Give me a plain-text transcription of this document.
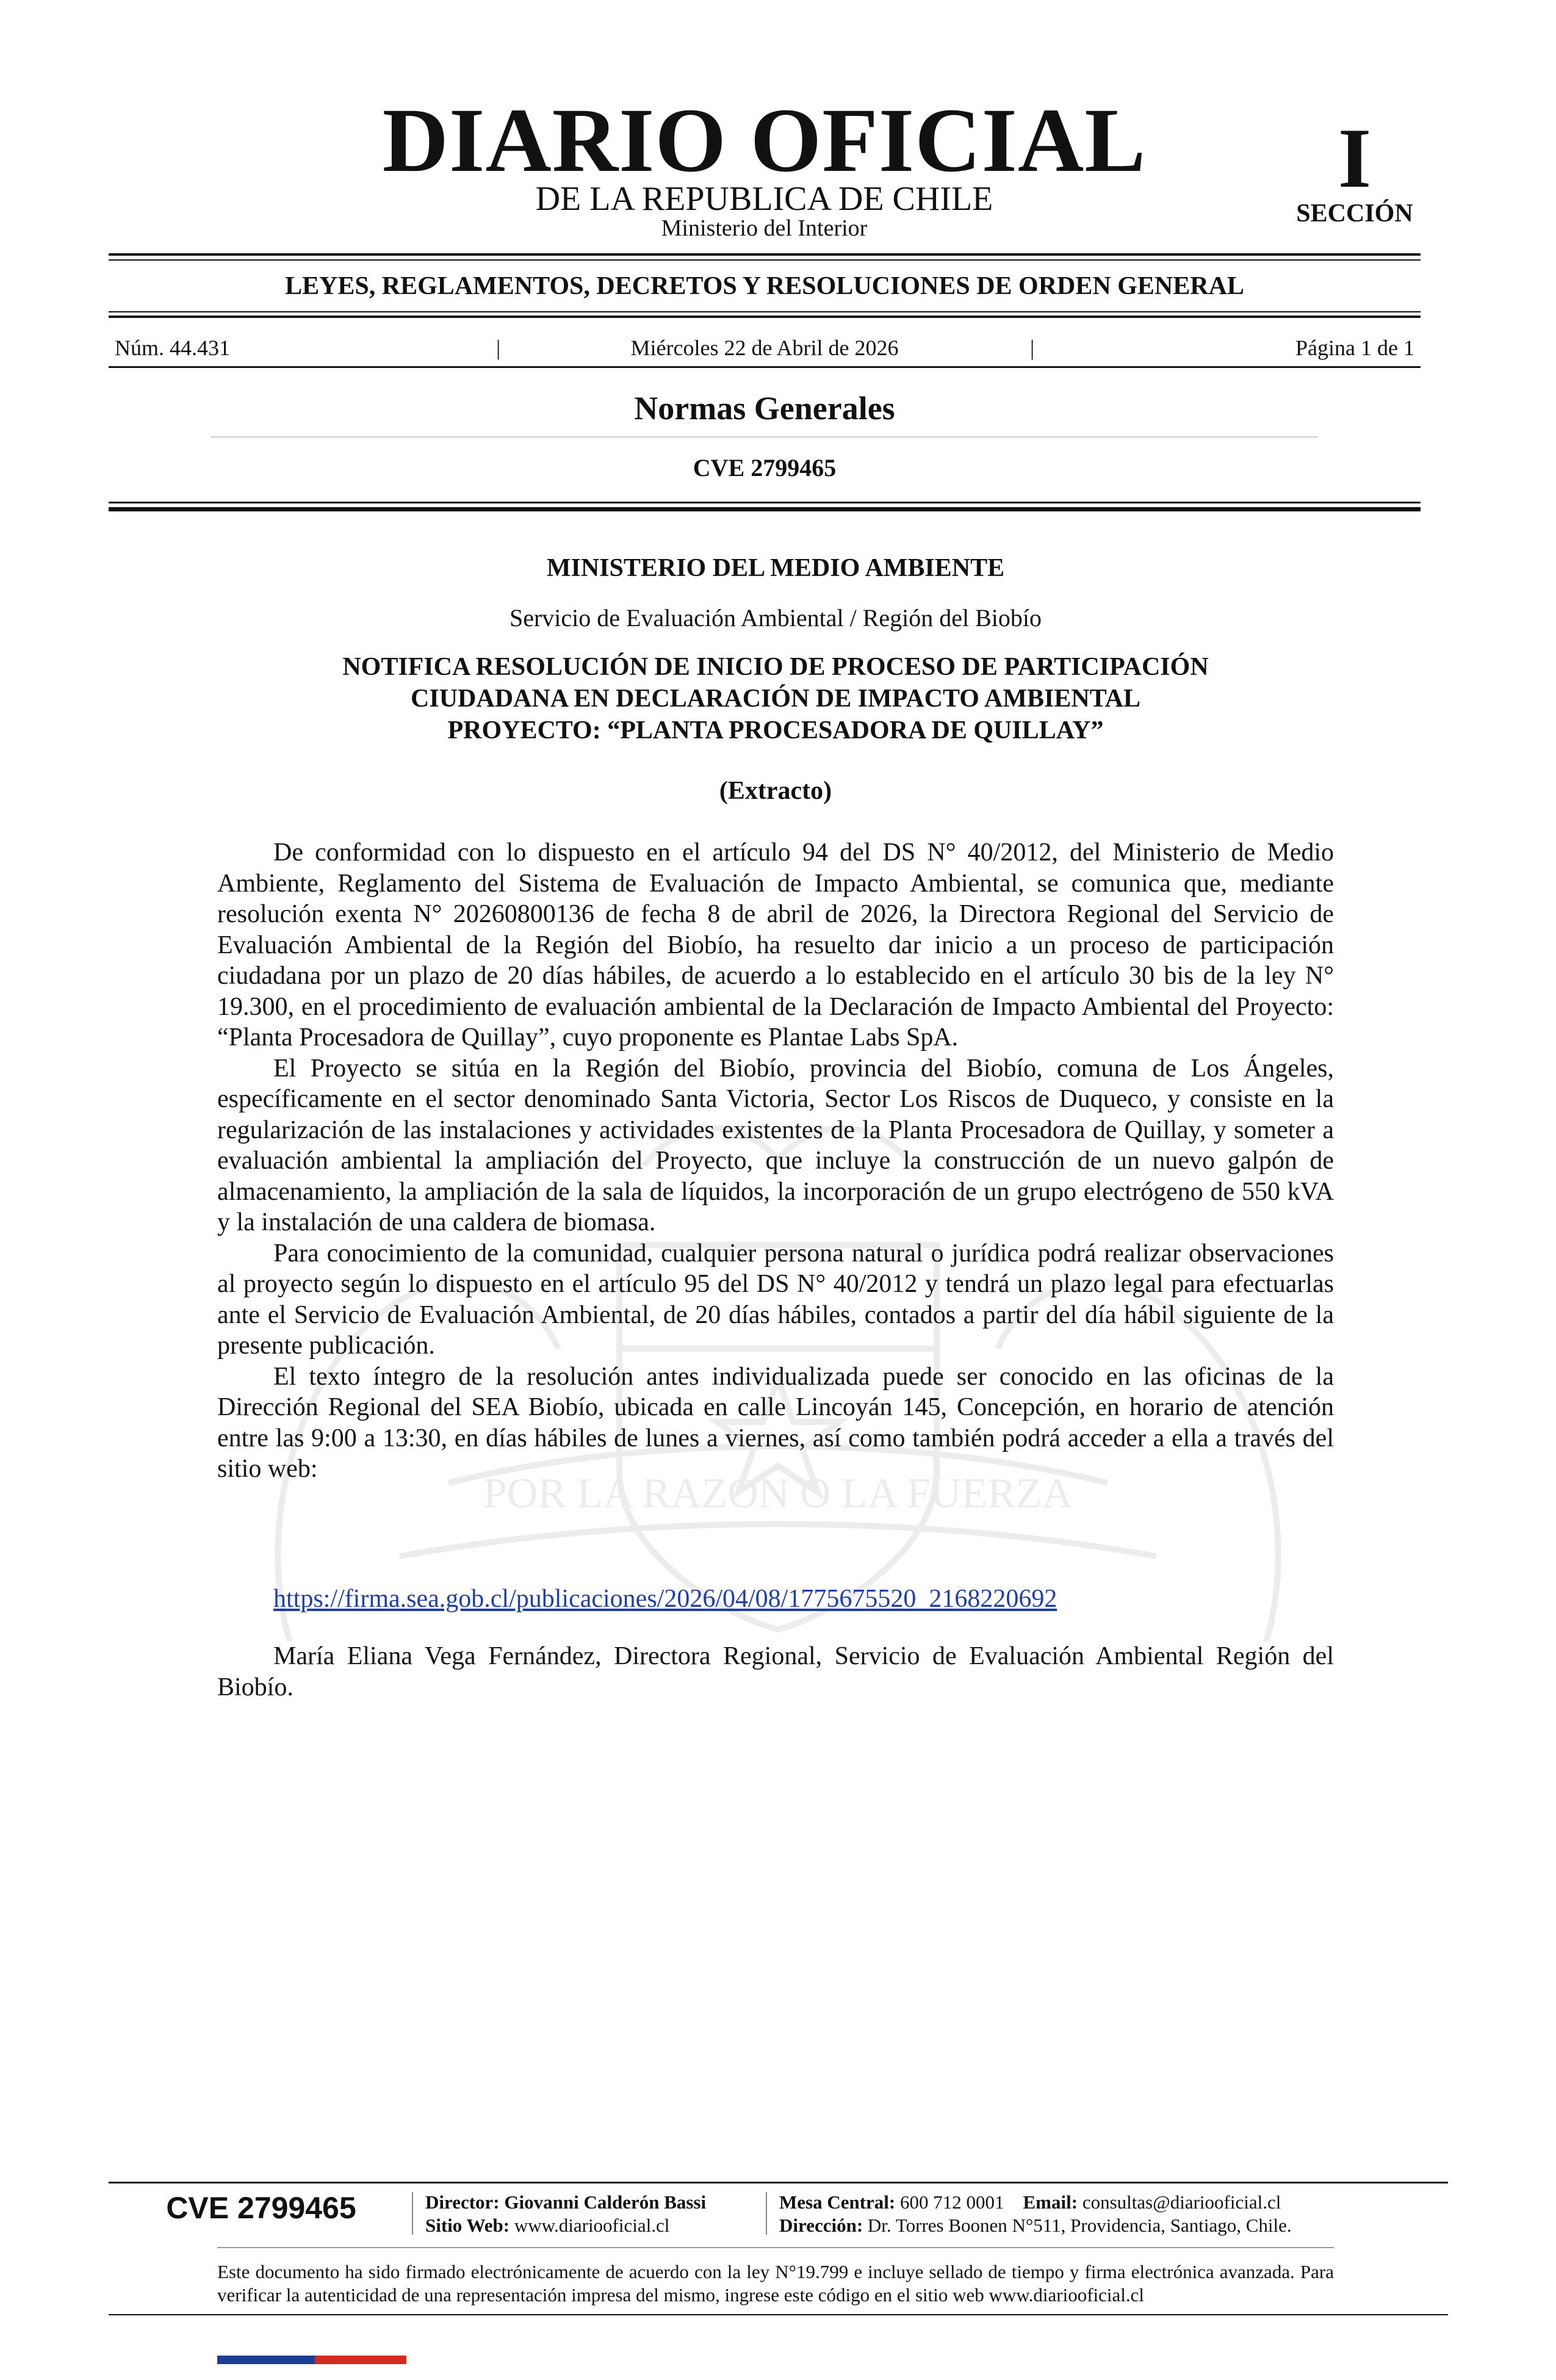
POR LA RAZÓN O LA FUERZA
DIARIO OFICIAL
DE LA REPUBLICA DE CHILE
Ministerio del Interior
I
SECCIÓN
LEYES, REGLAMENTOS, DECRETOS Y RESOLUCIONES DE ORDEN GENERAL
Núm. 44.431	|	Miércoles 22 de Abril de 2026	|	Página 1 de 1
Normas Generales
CVE 2799465
MINISTERIO DEL MEDIO AMBIENTE
Servicio de Evaluación Ambiental / Región del Biobío
NOTIFICA RESOLUCIÓN DE INICIO DE PROCESO DE PARTICIPACIÓN
CIUDADANA EN DECLARACIÓN DE IMPACTO AMBIENTAL
PROYECTO: “PLANTA PROCESADORA DE QUILLAY”
(Extracto)

De conformidad con lo dispuesto en el artículo 94 del DS N° 40/2012, del Ministerio de Medio Ambiente, Reglamento del Sistema de Evaluación de Impacto Ambiental, se comunica que, mediante resolución exenta N° 20260800136 de fecha 8 de abril de 2026, la Directora Regional del Servicio de Evaluación Ambiental de la Región del Biobío, ha resuelto dar inicio a un proceso de participación ciudadana por un plazo de 20 días hábiles, de acuerdo a lo establecido en el artículo 30 bis de la ley N° 19.300, en el procedimiento de evaluación ambiental de la Declaración de Impacto Ambiental del Proyecto: “Planta Procesadora de Quillay”, cuyo proponente es Plantae Labs SpA.

El Proyecto se sitúa en la Región del Biobío, provincia del Biobío, comuna de Los Ángeles, específicamente en el sector denominado Santa Victoria, Sector Los Riscos de Duqueco, y consiste en la regularización de las instalaciones y actividades existentes de la Planta Procesadora de Quillay, y someter a evaluación ambiental la ampliación del Proyecto, que incluye la construcción de un nuevo galpón de almacenamiento, la ampliación de la sala de líquidos, la incorporación de un grupo electrógeno de 550 kVA y la instalación de una caldera de biomasa.

Para conocimiento de la comunidad, cualquier persona natural o jurídica podrá realizar observaciones al proyecto según lo dispuesto en el artículo 95 del DS N° 40/2012 y tendrá un plazo legal para efectuarlas ante el Servicio de Evaluación Ambiental, de 20 días hábiles, contados a partir del día hábil siguiente de la presente publicación.

El texto íntegro de la resolución antes individualizada puede ser conocido en las oficinas de la Dirección Regional del SEA Biobío, ubicada en calle Lincoyán 145, Concepción, en horario de atención entre las 9:00 a 13:30, en días hábiles de lunes a viernes, así como también podrá acceder a ella a través del sitio web:

https://firma.sea.gob.cl/publicaciones/2026/04/08/1775675520_2168220692
María Eliana Vega Fernández, Directora Regional, Servicio de Evaluación Ambiental Región del Biobío.
CVE 2799465	Director: Giovanni Calderón Bassi
Sitio Web: www.diariooficial.cl
Mesa Central: 600 712 0001 Email: consultas@diariooficial.cl
Dirección: Dr. Torres Boonen N°511, Providencia, Santiago, Chile.
Este documento ha sido firmado electrónicamente de acuerdo con la ley N°19.799 e incluye sellado de tiempo y firma electrónica avanzada. Para verificar la autenticidad de una representación impresa del mismo, ingrese este código en el sitio web www.diariooficial.cl
